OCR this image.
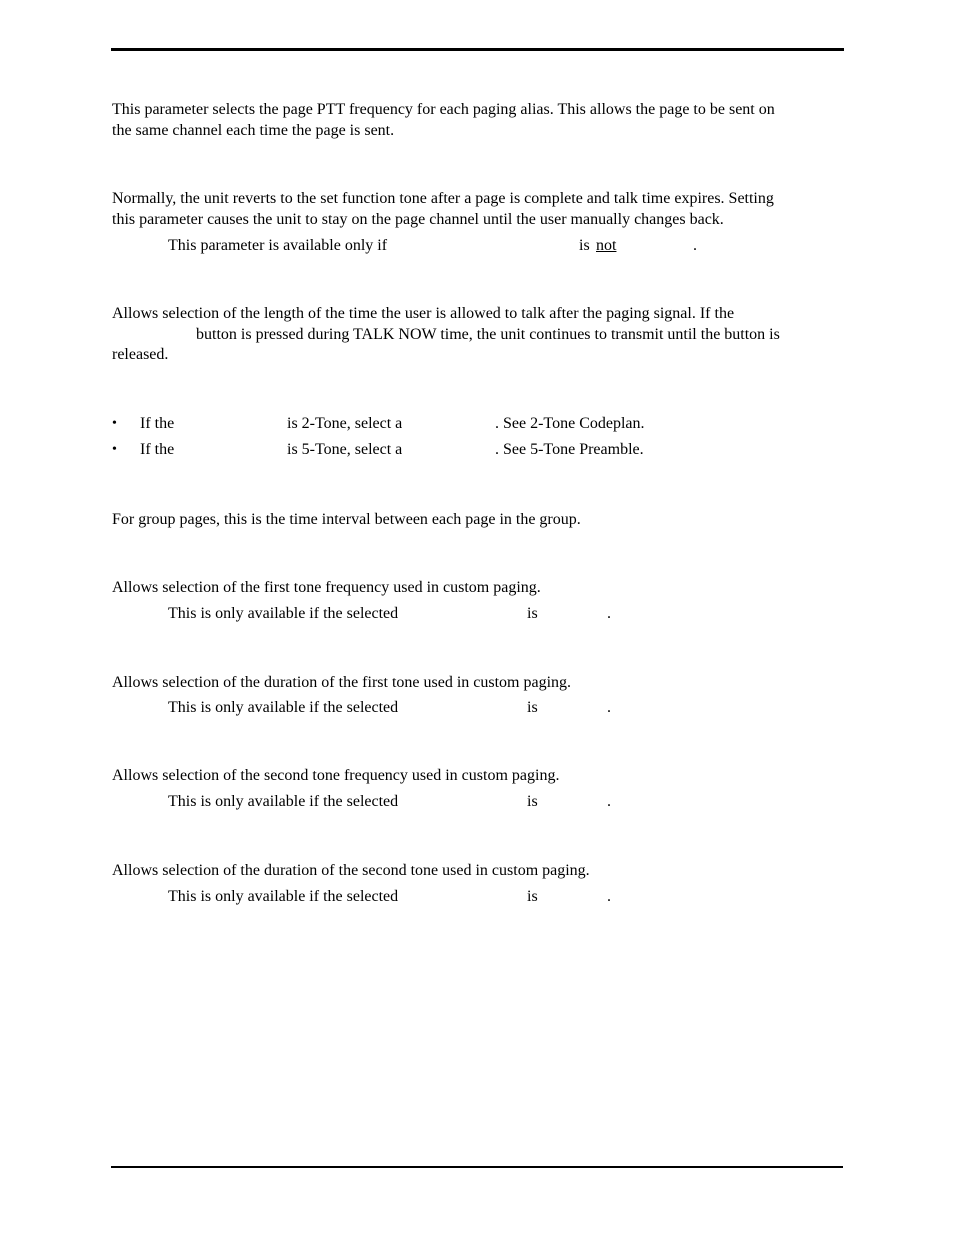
This parameter selects the page PTT frequency for each paging alias. This allows the page to be sent on
the same channel each time the page is sent.
Normally, the unit reverts to the set function tone after a page is complete and talk time expires. Setting
this parameter causes the unit to stay on the page channel until the user manually changes back.
This parameter is available only if	is not	.
Allows selection of the length of the time the user is allowed to talk after the paging signal. If the
button is pressed during TALK NOW time, the unit continues to transmit until the button is
released.
• If the	is 2-Tone, select a	. See 2-Tone Codeplan.
• If the	is 5-Tone, select a	. See 5-Tone Preamble.
For group pages, this is the time interval between each page in the group.
Allows selection of the first tone frequency used in custom paging.
This is only available if the selected	is	.
Allows selection of the duration of the first tone used in custom paging.
This is only available if the selected	is	.
Allows selection of the second tone frequency used in custom paging.
This is only available if the selected	is	.
Allows selection of the duration of the second tone used in custom paging.
This is only available if the selected	is	.
